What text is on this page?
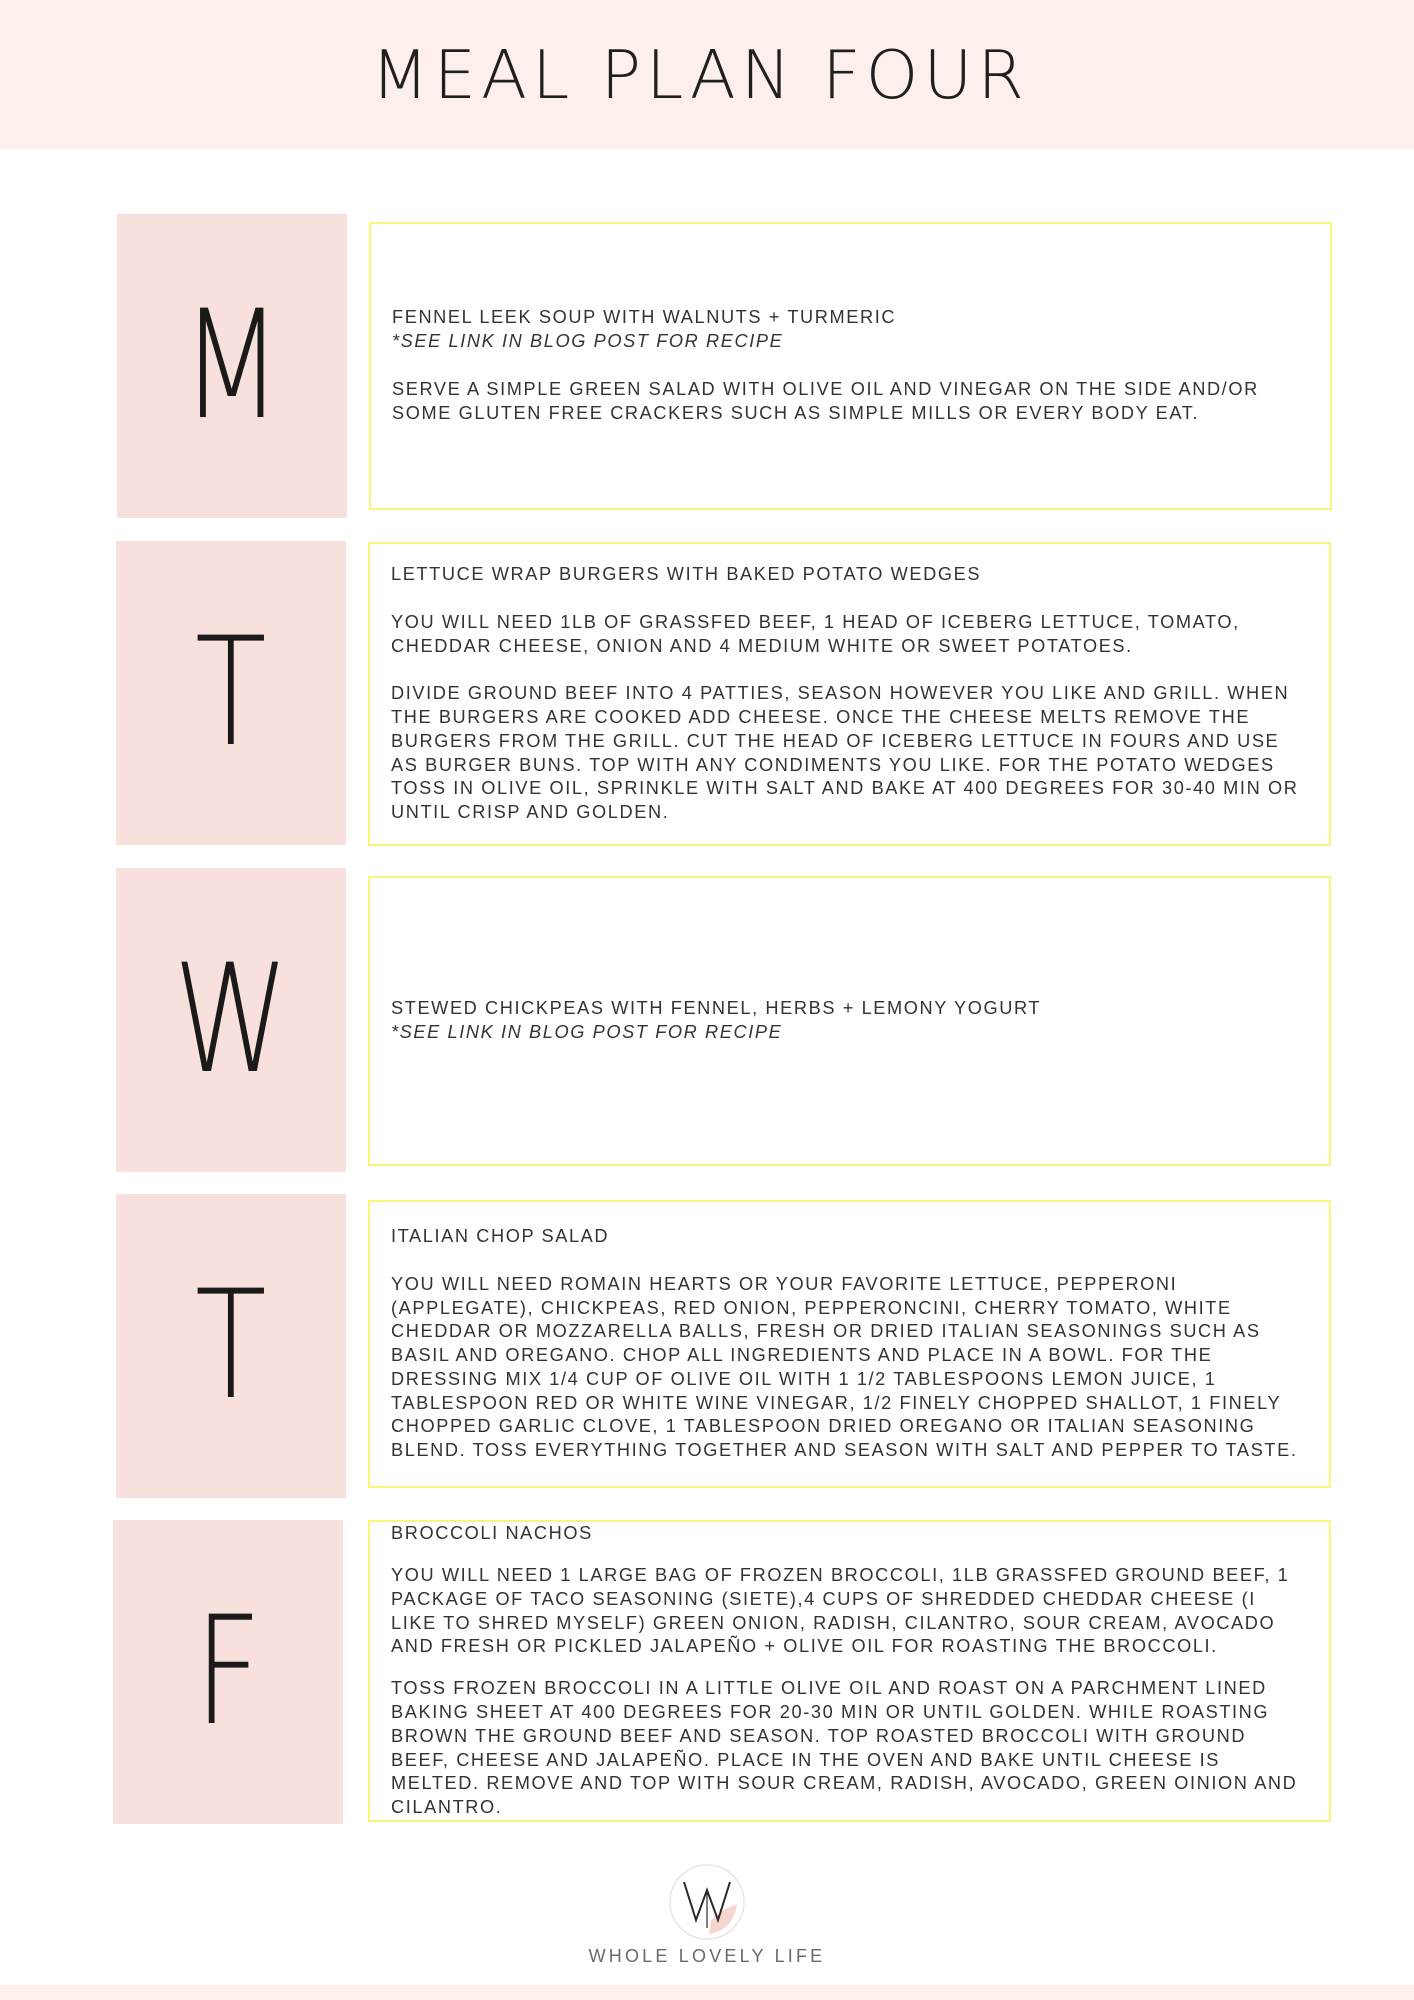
MEAL PLAN FOUR
M	FENNEL LEEK SOUP WITH WALNUTS + TURMERIC

*SEE LINK IN BLOG POST FOR RECIPE

SERVE A SIMPLE GREEN SALAD WITH OLIVE OIL AND VINEGAR ON THE SIDE AND/OR SOME GLUTEN FREE CRACKERS SUCH AS SIMPLE MILLS OR EVERY BODY EAT.

T

LETTUCE WRAP BURGERS WITH BAKED POTATO WEDGES

YOU WILL NEED 1LB OF GRASSFED BEEF, 1 HEAD OF ICEBERG LETTUCE, TOMATO, CHEDDAR CHEESE, ONION AND 4 MEDIUM WHITE OR SWEET POTATOES.

DIVIDE GROUND BEEF INTO 4 PATTIES, SEASON HOWEVER YOU LIKE AND GRILL. WHEN THE BURGERS ARE COOKED ADD CHEESE. ONCE THE CHEESE MELTS REMOVE THE BURGERS FROM THE GRILL. CUT THE HEAD OF ICEBERG LETTUCE IN FOURS AND USE AS BURGER BUNS. TOP WITH ANY CONDIMENTS YOU LIKE. FOR THE POTATO WEDGES TOSS IN OLIVE OIL, SPRINKLE WITH SALT AND BAKE AT 400 DEGREES FOR 30-40 MIN OR UNTIL CRISP AND GOLDEN.

W	STEWED CHICKPEAS WITH FENNEL, HERBS + LEMONY YOGURT

*SEE LINK IN BLOG POST FOR RECIPE

T

ITALIAN CHOP SALAD

YOU WILL NEED ROMAIN HEARTS OR YOUR FAVORITE LETTUCE, PEPPERONI (APPLEGATE), CHICKPEAS, RED ONION, PEPPERONCINI, CHERRY TOMATO, WHITE CHEDDAR OR MOZZARELLA BALLS, FRESH OR DRIED ITALIAN SEASONINGS SUCH AS BASIL AND OREGANO. CHOP ALL INGREDIENTS AND PLACE IN A BOWL. FOR THE DRESSING MIX 1/4 CUP OF OLIVE OIL WITH 1 1/2 TABLESPOONS LEMON JUICE, 1 TABLESPOON RED OR WHITE WINE VINEGAR, 1/2 FINELY CHOPPED SHALLOT, 1 FINELY CHOPPED GARLIC CLOVE, 1 TABLESPOON DRIED OREGANO OR ITALIAN SEASONING BLEND. TOSS EVERYTHING TOGETHER AND SEASON WITH SALT AND PEPPER TO TASTE.

F

BROCCOLI NACHOS

YOU WILL NEED 1 LARGE BAG OF FROZEN BROCCOLI, 1LB GRASSFED GROUND BEEF, 1 PACKAGE OF TACO SEASONING (SIETE),4 CUPS OF SHREDDED CHEDDAR CHEESE (I LIKE TO SHRED MYSELF) GREEN ONION, RADISH, CILANTRO, SOUR CREAM, AVOCADO AND FRESH OR PICKLED JALAPEÑO + OLIVE OIL FOR ROASTING THE BROCCOLI.

TOSS FROZEN BROCCOLI IN A LITTLE OLIVE OIL AND ROAST ON A PARCHMENT LINED BAKING SHEET AT 400 DEGREES FOR 20-30 MIN OR UNTIL GOLDEN. WHILE ROASTING BROWN THE GROUND BEEF AND SEASON. TOP ROASTED BROCCOLI WITH GROUND BEEF, CHEESE AND JALAPEÑO. PLACE IN THE OVEN AND BAKE UNTIL CHEESE IS MELTED. REMOVE AND TOP WITH SOUR CREAM, RADISH, AVOCADO, GREEN OINION AND CILANTRO.

WHOLE LOVELY LIFE
